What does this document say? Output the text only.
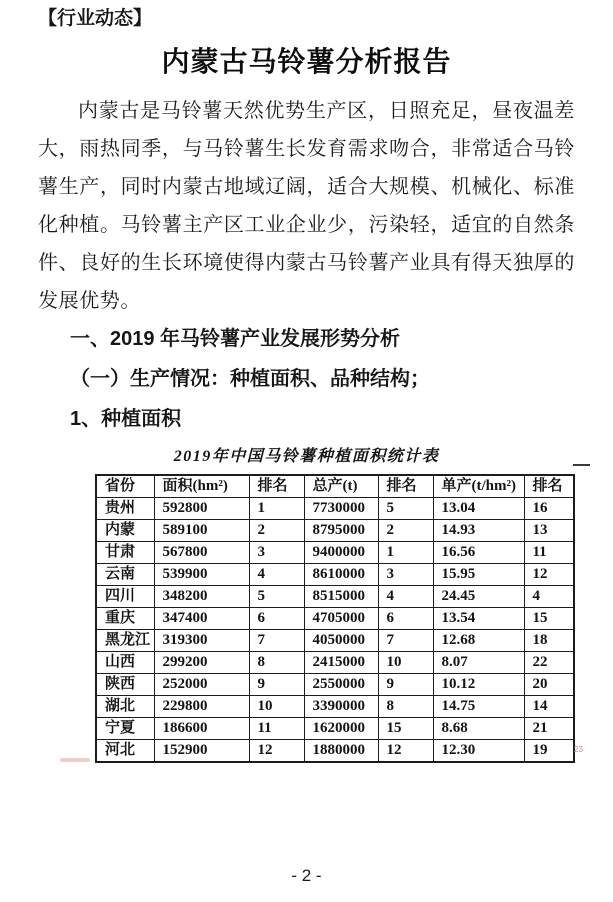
【行业动态】
内蒙古马铃薯分析报告
内蒙古是马铃薯天然优势生产区，日照充足，昼夜温差大，雨热同季，与马铃薯生长发育需求吻合，非常适合马铃薯生产，同时内蒙古地域辽阔，适合大规模、机械化、标准化种植。马铃薯主产区工业企业少，污染轻，适宜的自然条件、良好的生长环境使得内蒙古马铃薯产业具有得天独厚的发展优势。
一、2019 年马铃薯产业发展形势分析
（一）生产情况：种植面积、品种结构；
1、种植面积
2019年中国马铃薯种植面积统计表
省份	面积(hm²)	排名	总产(t)	排名	单产(t/hm²)	排名
贵州	592800	1	7730000	5	13.04	16
内蒙	589100	2	8795000	2	14.93	13
甘肃	567800	3	9400000	1	16.56	11
云南	539900	4	8610000	3	15.95	12
四川	348200	5	8515000	4	24.45	4
重庆	347400	6	4705000	6	13.54	15
黑龙江	319300	7	4050000	7	12.68	18
山西	299200	8	2415000	10	8.07	22
陕西	252000	9	2550000	9	10.12	20
湖北	229800	10	3390000	8	14.75	14
宁夏	186600	11	1620000	15	8.68	21
河北	152900	12	1880000	12	12.30	19	23
- 2 -
